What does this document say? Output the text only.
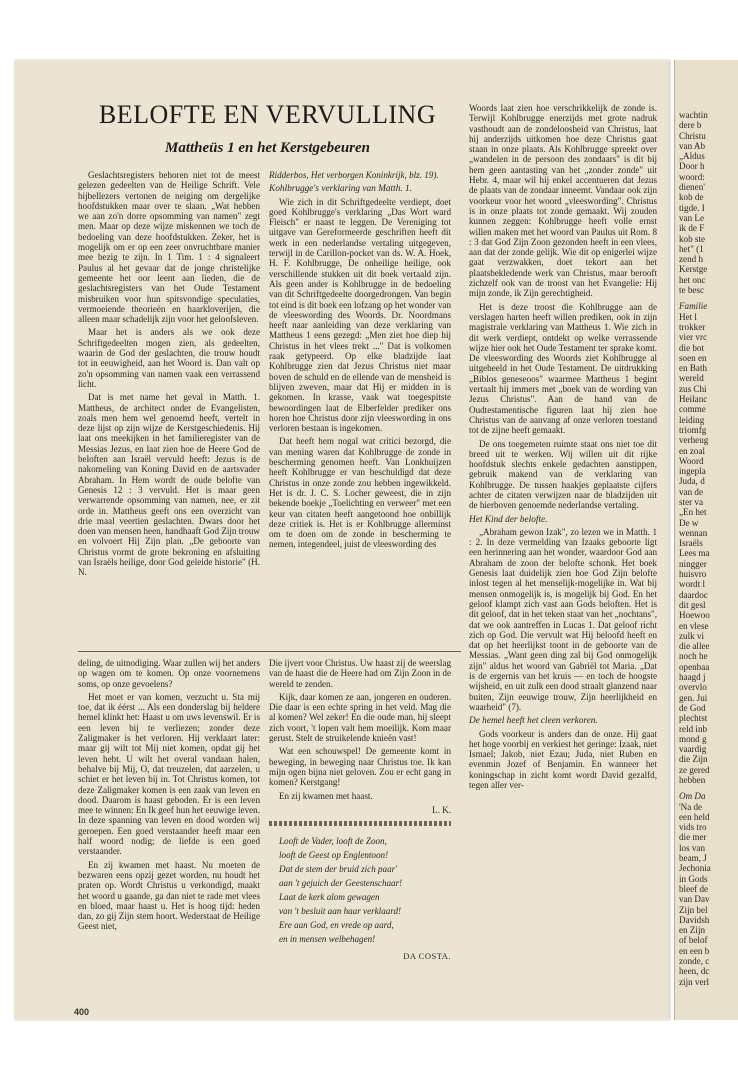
wachtin
dere b
Christu
van Ab
„Aldus
Door h
woord:
dienen'
kob de
tigde. I
van Le
ik de F
kob ste
het" (1
zend h
Kerstge
het onc
te besc
Familie
Het l
trokker
vier vrc
die bot
soen en
en Bath
wereld
zus Chi
Heilanc
comme
leiding
triomfg
verheug
en zoal
Woord
ingepla
Juda, d
van de
ster va
„En het
De w
wennan
Israëls
Lees ma
ningger
huisvro
wordt l
daardoc
dit gesl
Hoewoo
en vlese
zulk vi
die allee
noch he
openbaa
haagd j
overvlo
gen. Jui
de God
plechtst
reld inb
mond g
vaardig
die Zijn
ze gered
hebben
Om Da
'Na de
een held
vids tro
die mer
los van
beam, J
Jechonia
in Gods
bleef de
van Dav
Zijn bel
Davidsh
en Zijn
of belof
en een b
zonde, c
heen, dc
zijn verl
BELOFTE EN VERVULLING
Mattheüs 1 en het Kerstgebeuren

Geslachtsregisters behoren niet tot de meest gelezen gedeelten van de Heilige Schrift. Vele bijbellezers vertonen de neiging om dergelijke hoofdstukken maar over te slaan. „Wat hebben we aan zo'n dorre opsomming van namen" zegt men. Maar op deze wijze miskennen we toch de bedoeling van deze hoofdstukken. Zeker, het is mogelijk om er op een zeer onvruchtbare manier mee bezig te zijn. In 1 Tim. 1 : 4 signaleert Paulus al het gevaar dat de jonge christelijke gemeente het oor leent aan lieden, die de geslachtsregisters van het Oude Testament misbruiken voor hun spitsvondige speculaties, vermoeiende theorieën en haarkloverijen, die alleen maar schadelijk zijn voor het geloofsleven.

Maar het is anders als we ook deze Schriftgedeelten mogen zien, als gedeelten, waarin de God der geslachten, die trouw houdt tot in eeuwigheid, aan het Woord is. Dan valt op zo'n opsomming van namen vaak een verrassend licht.

Dat is met name het geval in Matth. 1. Mattheus, de architect onder de Evangelisten, zoals men hem wel genoemd heeft, vertelt in deze lijst op zijn wijze de Kerstgeschiedenis. Hij laat ons meekijken in het familieregister van de Messias Jezus, en laat zien hoe de Heere God de beloften aan Israël vervuld heeft: Jezus is de nakomeling van Koning David en de aartsvader Abraham. In Hem wordt de oude belofte van Genesis 12 : 3 vervuld. Het is maar geen verwarrende opsomming van namen, nee, er zit orde in. Mattheus geeft ons een overzicht van drie maal veertien geslachten. Dwars door het doen van mensen heen, handhaaft God Zijn trouw en volvoert Hij Zijn plan. „De geboorte van Christus vormt de grote bekroning en afsluiting van Israëls heilige, door God geleide historie" (H. N.

Ridderbos, Het verborgen Koninkrijk, blz. 19).

Kohlbrugge's verklaring van Matth. 1.

Wie zich in dit Schriftgedeelte verdiept, doet goed Kohlbrugge's verklaring „Das Wort ward Fleisch" er naast te leggen. De Vereniging tot uitgave van Gereformeerde geschriften heeft dit werk in een nederlandse vertaling uitgegeven, terwijl in de Carillon-pocket van ds. W. A. Hoek, H. F. Kohlbrugge, De onheilige heilige, ook verschillende stukken uit dit boek vertaald zijn. Als geen ander is Kohlbrugge in de bedoeling van dit Schriftgedeelte doorgedrongen. Van begin tot eind is dit boek een lofzang op het wonder van de vleeswording des Woords. Dr. Noordmans heeft naar aanleiding van deze verklaring van Mattheus 1 eens gezegd: „Men ziet hoe diep hij Christus in het vlees trekt ..." Dat is volkomen raak getypeerd. Op elke bladzijde laat Kohlbrugge zien dat Jezus Christus niet maar boven de schuld en de ellende van de mensheid is blijven zweven, maar dat Hij er midden in is gekomen. In krasse, vaak wat toegespitste bewoordingen laat de Elberfelder prediker ons horen hoe Christus door zijn vleeswording in ons verloren bestaan is ingekomen.

Dat heeft hem nogal wat critici bezorgd, die van mening waren dat Kohlbrugge de zonde in bescherming genomen heeft. Van Lonkhuijzen heeft Kohlbrugge er van beschuldigd dat deze Christus in onze zonde zou hebben ingewikkeld. Het is dr. J. C. S. Locher geweest, die in zijn bekende boekje „Toelichting en verweer" met een keur van citaten heeft aangetoond hoe onbillijk deze critiek is. Het is er Kohlbrugge allermínst om te doen om de zonde in bescherming te nemen, integendeel, juist de vleeswording des

Woords laat zien hoe verschrikkelijk de zonde is. Terwijl Kohlbrugge enerzijds met grote nadruk vasthoudt aan de zondeloosheid van Christus, laat hij anderzijds uitkomen hoe deze Christus gaat staan in onze plaats. Als Kohlbrugge spreekt over „wandelen in de persoon des zondaars" is dit bij hem geen aantasting van het „zonder zonde" uit Hebr. 4, maar wil hij enkel accentueren dat Jezus de plaats van de zondaar inneemt. Vandaar ook zijn voorkeur voor het woord „vleeswording". Christus is in onze plaats tot zonde gemaakt. Wij zouden kunnen zeggen: Kohlbrugge heeft volle ernst willen maken met het woord van Paulus uit Rom. 8 : 3 dat God Zijn Zoon gezonden heeft in een vlees, aan dat der zonde gelijk. Wie dit op enigerlei wijze gaat verzwakken, doet tekort aan het plaatsbekledende werk van Christus, maar berooft zichzelf ook van de troost van het Evangelie: Hij mijn zonde, ik Zijn gerechtigheid.

Het is deze troost die Kohlbrugge aan de verslagen harten heeft willen prediken, ook in zijn magistrale verklaring van Mattheus 1. Wie zich in dit werk verdiept, ontdekt op welke verrassende wijze hier ook het Oude Testament ter sprake komt. De vleeswording des Woords ziet Kohlbrugge al uitgebeeld in het Oude Testament. De uitdrukking „Biblos geneseoos" waarmee Mattheus 1 begint vertaalt hij immers met „boek van de wording van Jezus Christus". Aan de hand van de Oudtestamentische figuren laat hij zien hoe Christus van de aanvang af onze verloren toestand tot de zijne heeft gemaakt.

De ons toegemeten ruimte staat ons niet toe dit breed uit te werken. Wij willen uit dit rijke hoofdstuk slechts enkele gedachten aanstippen, gebruik makend van de verklaring van Kohlbrugge. De tussen haakjes geplaatste cijfers achter de citaten verwijzen naar de bladzijden uit de hierboven genoemde nederlandse vertaling.

Het Kind der belofte.

„Abraham gewon Izak", zo lezen we in Matth. 1 : 2. In deze vermelding van Izaaks geboorte ligt een herinnering aan het wonder, waardoor God aan Abraham de zoon der belofte schonk. Het boek Genesis laat duidelijk zien hoe God Zijn belofte inlost tegen al het menselijk-mogelijke in. Wat bij mensen onmogelijk is, is mogelijk bij God. En het geloof klampt zich vast aan Gods beloften. Het is dit geloof, dat in het teken staat van het „nochtans", dat we ook aantreffen in Lucas 1. Dat geloof richt zich op God. Die vervult wat Hij beloofd heeft en dat op het heerlijkst toont in de geboorte van de Messias. „Want geen ding zal bij God onmogelijk zijn" aldus het woord van Gabriël tot Maria. „Dat is de ergernis van het kruis — en toch de hoogste wijsheid, en uit zulk een dood straalt glanzend naar buiten, Zijn eeuwige trouw, Zijn heerlijkheid en waarheid" (7).

De hemel heeft het cleen verkoren.

Gods voorkeur is anders dan de onze. Hij gaat het hoge voorbij en verkiest het geringe: Izaak, niet Ismael; Jakob, niet Ezau; Juda, niet Ruben en evenmin Jozef of Benjamin. En wanneer het koningschap in zicht komt wordt David gezalfd, tegen aller ver-

deling, de uitnodiging. Waar zullen wij het anders op wagen om te komen. Op onze voornemens soms, op onze gevoelens?

Het moet er van komen, verzucht u. Sta mij toe, dat ik éérst ... Als een donderslag bij heldere hemel klinkt het: Haast u om uws levenswil. Er is een leven bij te verliezen; zonder deze Zaligmaker is het verloren. Hij verklaart later: maar gij wilt tot Mij niet komen, opdat gij het leven hebt. U wilt het overal vandaan halen, behalve bij Mij, O, dat treuzelen, dat aarzelen, u schiet er het leven bij in. Tot Christus komen, tot deze Zaligmaker komen is een zaak van leven en dood. Daarom is haast geboden. Er is een leven mee te winnen: En Ik geef hun het eeuwige leven. In deze spanning van leven en dood worden wij geroepen. Een goed verstaander heeft maar een half woord nodig; de liefde is een goed verstaander.

En zij kwamen met haast. Nu moeten de bezwaren eens opzij gezet worden, nu houdt het praten op. Wordt Christus u verkondigd, maakt het woord u gaande, ga dan niet te rade met vlees en bloed, maar haast u. Het is hoog tijd: heden dan, zo gij Zijn stem hoort. Wederstaat de Heilige Geest niet,

Die ijvert voor Christus. Uw haast zij de weerslag van de haast die de Heere had om Zijn Zoon in de wereld te zenden.

Kijk, daar komen ze aan, jongeren en ouderen. Die daar is een echte spring in het veld. Mag die al komen? Wel zeker! En die oude man, hij sleept zich voort, 't lopen valt hem moeilijk. Kom maar gerust. Stelt de struikelende knieën vast!

Wat een schouwspel! De gemeente komt in beweging, in beweging naar Christus toe. Ik kan mijn ogen bijna niet geloven. Zou er echt gang in komen? Kerstgang!

En zij kwamen met haast.

L. K.

Looft de Vader, looft de Zoon,

looft de Geest op Englentoon!

Dat de stem der bruid zich paar'

aan 't gejuich der Geestenschaar!

Laat de kerk alom gewagen

van 't besluit aan haar verklaard!

Ere aan God, en vrede op aard,

en in mensen welbehagen!

DA COSTA.
400
